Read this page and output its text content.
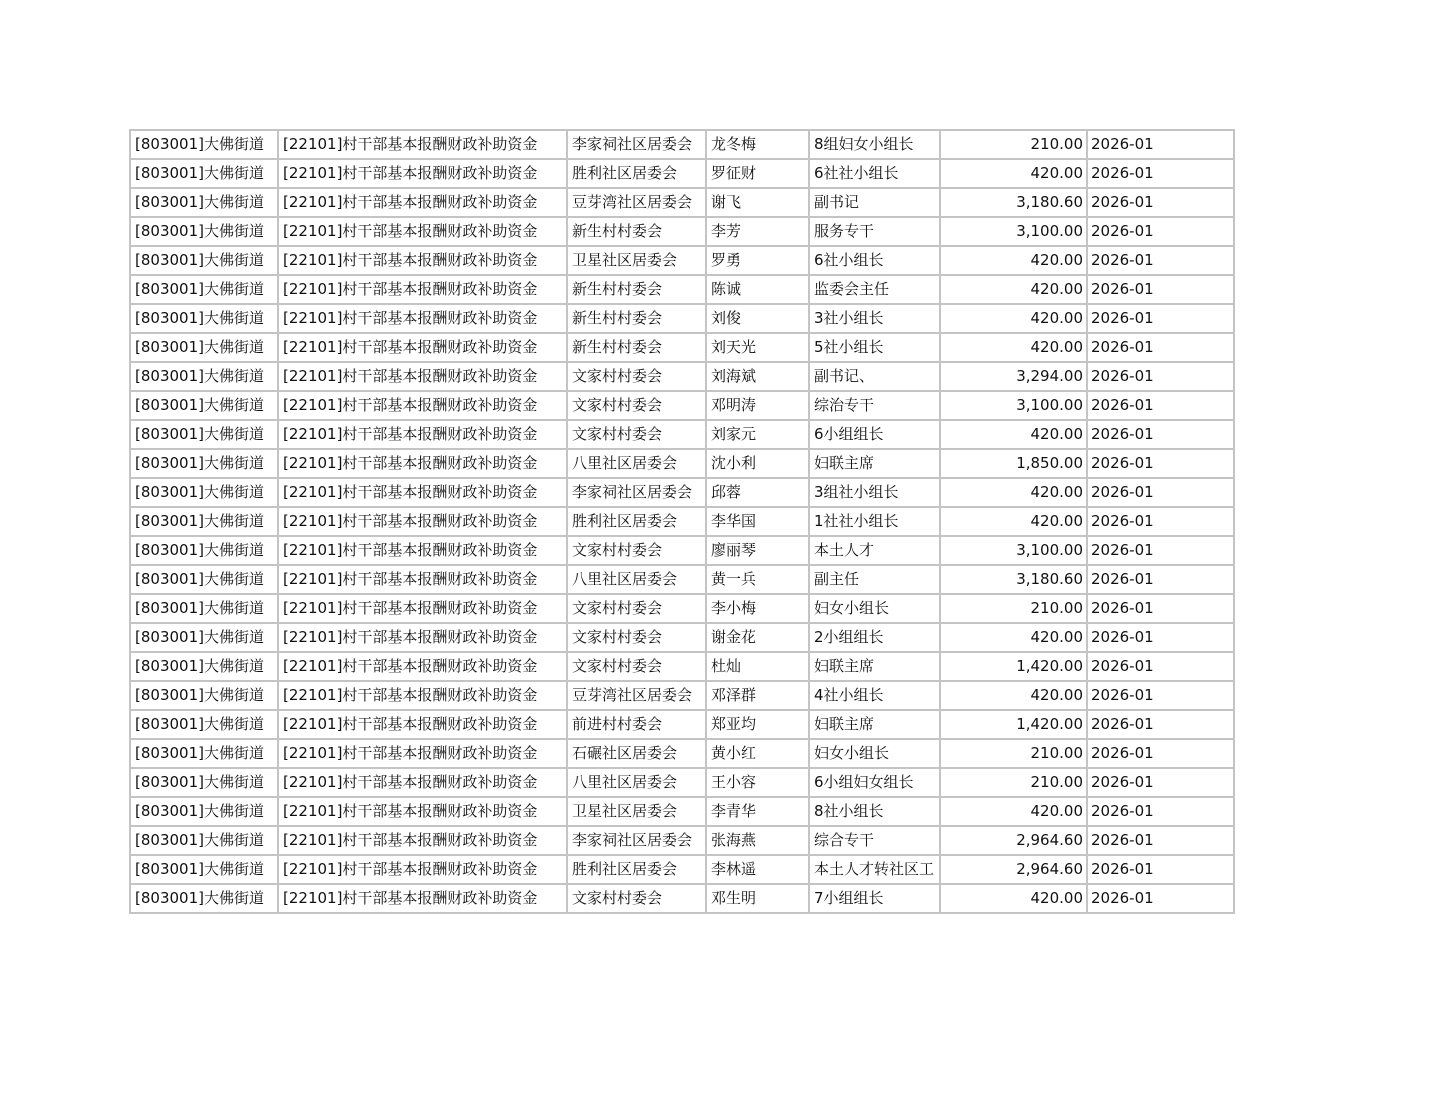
[803001]大佛街道	[22101]村干部基本报酬财政补助资金	李家祠社区居委会	龙冬梅	8组妇女小组长	210.00	2026-01
[803001]大佛街道	[22101]村干部基本报酬财政补助资金	胜利社区居委会	罗征财	6社社小组长	420.00	2026-01
[803001]大佛街道	[22101]村干部基本报酬财政补助资金	豆芽湾社区居委会	谢飞	副书记	3,180.60	2026-01
[803001]大佛街道	[22101]村干部基本报酬财政补助资金	新生村村委会	李芳	服务专干	3,100.00	2026-01
[803001]大佛街道	[22101]村干部基本报酬财政补助资金	卫星社区居委会	罗勇	6社小组长	420.00	2026-01
[803001]大佛街道	[22101]村干部基本报酬财政补助资金	新生村村委会	陈诚	监委会主任	420.00	2026-01
[803001]大佛街道	[22101]村干部基本报酬财政补助资金	新生村村委会	刘俊	3社小组长	420.00	2026-01
[803001]大佛街道	[22101]村干部基本报酬财政补助资金	新生村村委会	刘天光	5社小组长	420.00	2026-01
[803001]大佛街道	[22101]村干部基本报酬财政补助资金	文家村村委会	刘海斌	副书记、	3,294.00	2026-01
[803001]大佛街道	[22101]村干部基本报酬财政补助资金	文家村村委会	邓明涛	综治专干	3,100.00	2026-01
[803001]大佛街道	[22101]村干部基本报酬财政补助资金	文家村村委会	刘家元	6小组组长	420.00	2026-01
[803001]大佛街道	[22101]村干部基本报酬财政补助资金	八里社区居委会	沈小利	妇联主席	1,850.00	2026-01
[803001]大佛街道	[22101]村干部基本报酬财政补助资金	李家祠社区居委会	邱蓉	3组社小组长	420.00	2026-01
[803001]大佛街道	[22101]村干部基本报酬财政补助资金	胜利社区居委会	李华国	1社社小组长	420.00	2026-01
[803001]大佛街道	[22101]村干部基本报酬财政补助资金	文家村村委会	廖丽琴	本土人才	3,100.00	2026-01
[803001]大佛街道	[22101]村干部基本报酬财政补助资金	八里社区居委会	黄一兵	副主任	3,180.60	2026-01
[803001]大佛街道	[22101]村干部基本报酬财政补助资金	文家村村委会	李小梅	妇女小组长	210.00	2026-01
[803001]大佛街道	[22101]村干部基本报酬财政补助资金	文家村村委会	谢金花	2小组组长	420.00	2026-01
[803001]大佛街道	[22101]村干部基本报酬财政补助资金	文家村村委会	杜灿	妇联主席	1,420.00	2026-01
[803001]大佛街道	[22101]村干部基本报酬财政补助资金	豆芽湾社区居委会	邓泽群	4社小组长	420.00	2026-01
[803001]大佛街道	[22101]村干部基本报酬财政补助资金	前进村村委会	郑亚均	妇联主席	1,420.00	2026-01
[803001]大佛街道	[22101]村干部基本报酬财政补助资金	石碾社区居委会	黄小红	妇女小组长	210.00	2026-01
[803001]大佛街道	[22101]村干部基本报酬财政补助资金	八里社区居委会	王小容	6小组妇女组长	210.00	2026-01
[803001]大佛街道	[22101]村干部基本报酬财政补助资金	卫星社区居委会	李青华	8社小组长	420.00	2026-01
[803001]大佛街道	[22101]村干部基本报酬财政补助资金	李家祠社区居委会	张海燕	综合专干	2,964.60	2026-01
[803001]大佛街道	[22101]村干部基本报酬财政补助资金	胜利社区居委会	李林遥	本土人才转社区工	2,964.60	2026-01
[803001]大佛街道	[22101]村干部基本报酬财政补助资金	文家村村委会	邓生明	7小组组长	420.00	2026-01
